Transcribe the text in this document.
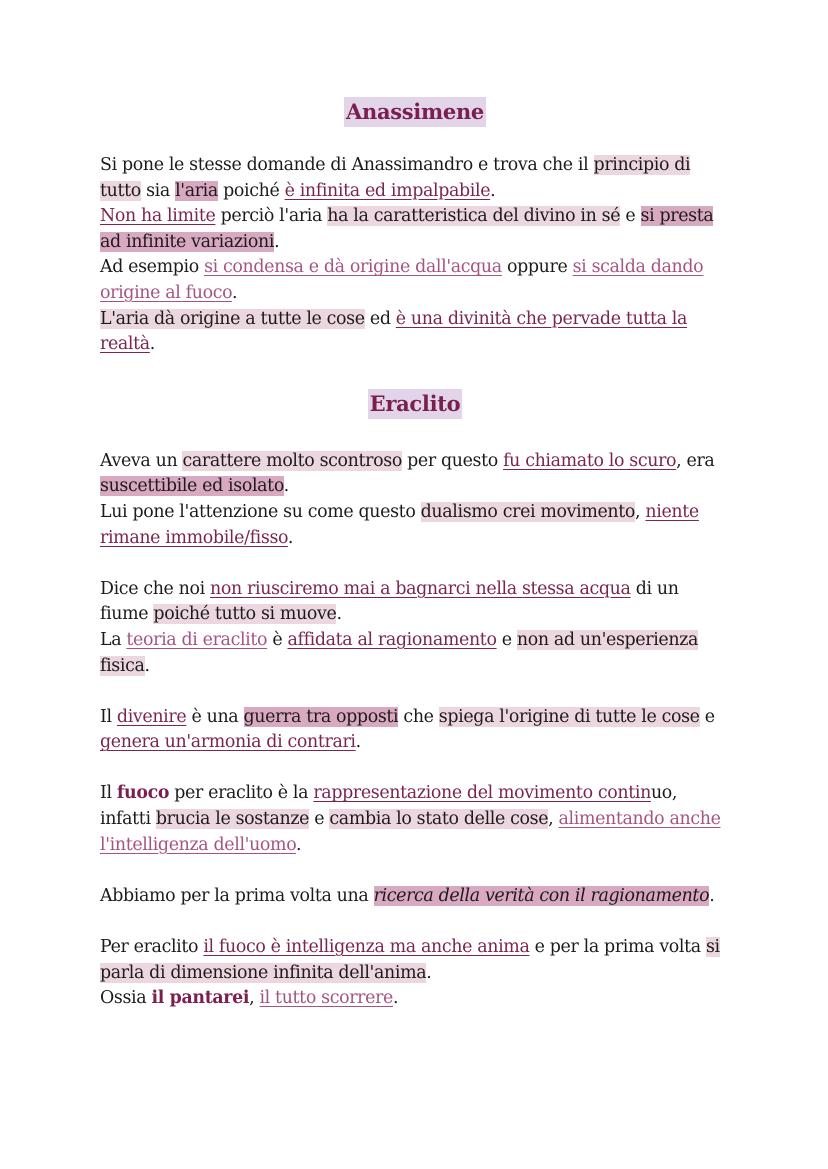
Anassimene

Si pone le stesse domande di Anassimandro e trova che il principio di tutto sia l'aria poiché è infinita ed impalpabile.

Non ha limite perciò l'aria ha la caratteristica del divino in sé e si presta ad infinite variazioni.

Ad esempio si condensa e dà origine dall'acqua oppure si scalda dando origine al fuoco.

L'aria dà origine a tutte le cose ed è una divinità che pervade tutta la realtà.

Eraclito

Aveva un carattere molto scontroso per questo fu chiamato lo scuro, era suscettibile ed isolato.

Lui pone l'attenzione su come questo dualismo crei movimento, niente rimane immobile/fisso.

Dice che noi non riusciremo mai a bagnarci nella stessa acqua di un fiume poiché tutto si muove.

La teoria di eraclito è affidata al ragionamento e non ad un'esperienza fisica.

Il divenire è una guerra tra opposti che spiega l'origine di tutte le cose e genera un'armonia di contrari.

Il fuoco per eraclito è la rappresentazione del movimento continuo, infatti brucia le sostanze e cambia lo stato delle cose, alimentando anche l'intelligenza dell'uomo.

Abbiamo per la prima volta una ricerca della verità con il ragionamento.

Per eraclito il fuoco è intelligenza ma anche anima e per la prima volta si parla di dimensione infinita dell'anima.

Ossia il pantarei, il tutto scorrere.
